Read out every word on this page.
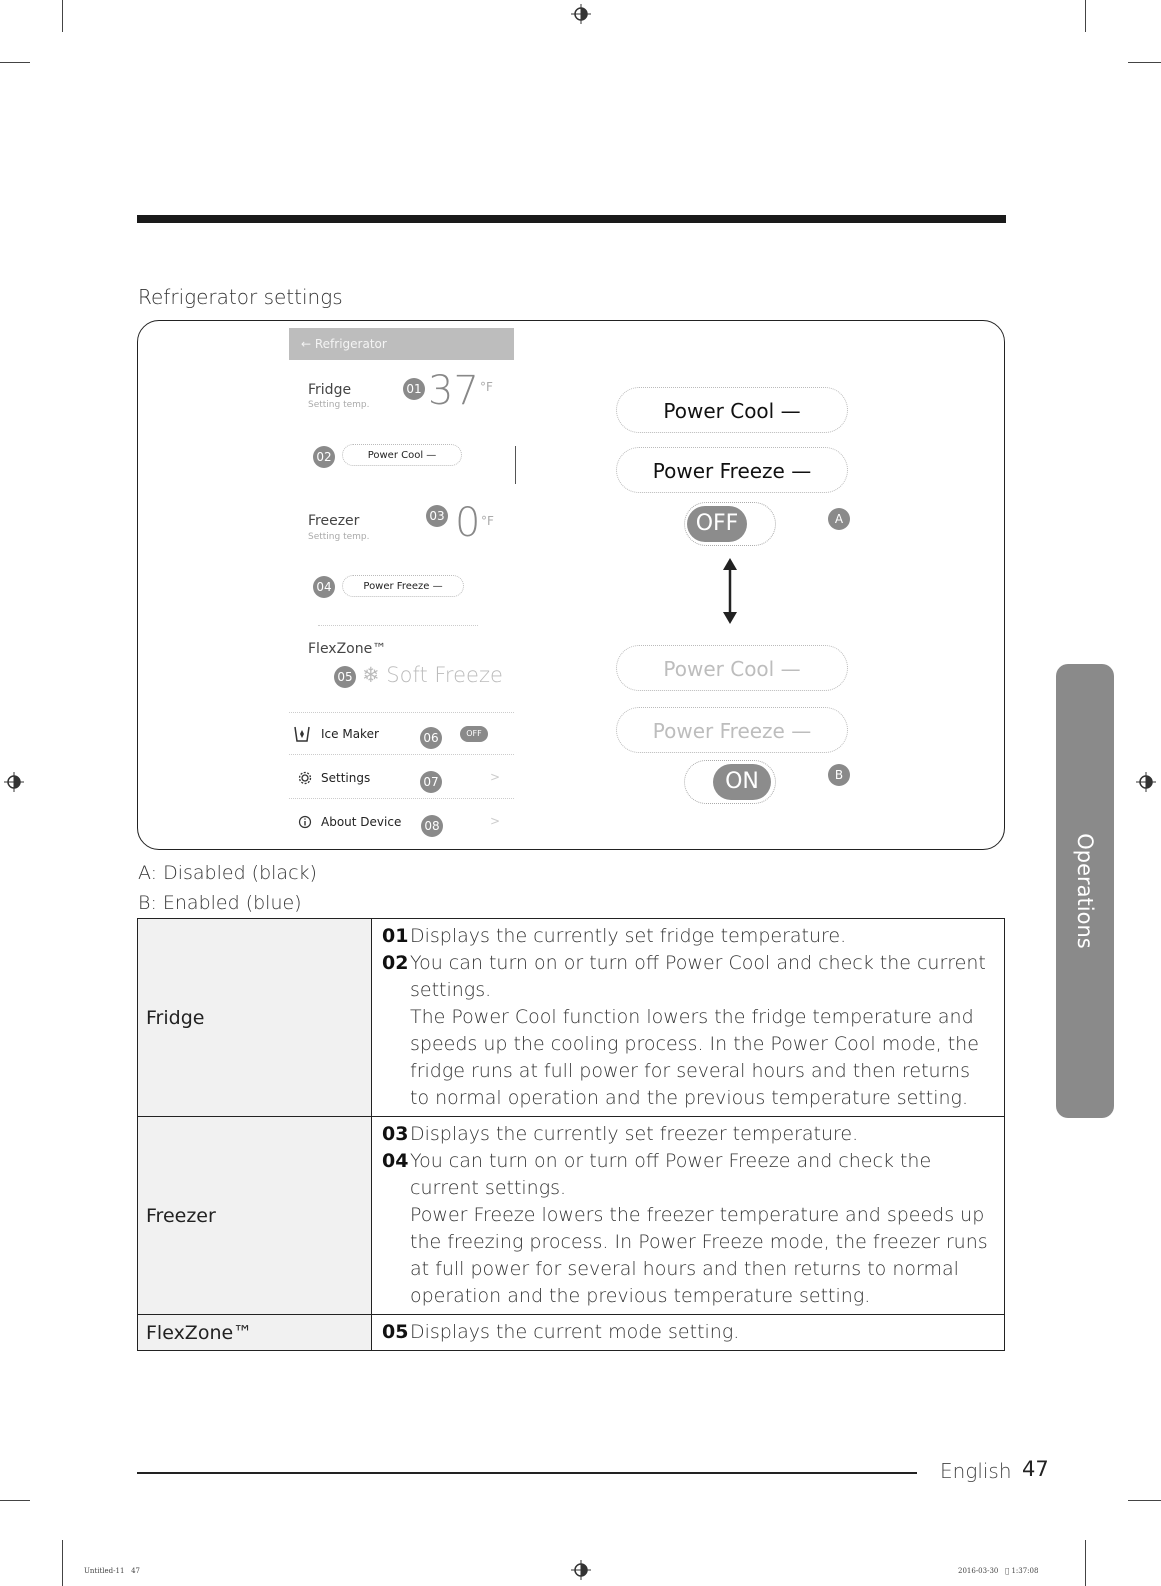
Refrigerator settings
← Refrigerator
Fridge
Setting temp.
01 37 °F
02	Power Cool —
Freezer
Setting temp.
03 0 °F
04	Power Freeze —
FlexZone™
05 ❄ Soft Freeze
Ice Maker	06	OFF
Settings	07	>
About Device 08	>
Power Cool —
Power Freeze —
OFF	A
Power Cool —
Power Freeze —
ON	B
A: Disabled (black)
B: Enabled (blue)
Fridge	01 Displays the currently set fridge temperature.
02 You can turn on or turn off Power Cool and check the current settings.
The Power Cool function lowers the fridge temperature and speeds up the cooling process. In the Power Cool mode, the fridge runs at full power for several hours and then returns to normal operation and the previous temperature setting.

Freezer	03 Displays the currently set freezer temperature.
04 You can turn on or turn off Power Freeze and check the current settings.
Power Freeze lowers the freezer temperature and speeds up the freezing process. In Power Freeze mode, the freezer runs at full power for several hours and then returns to normal operation and the previous temperature setting.

FlexZone™	05 Displays the current mode setting.
Operations
English 47
Untitled-11   47	2016-03-30     1:37:08
